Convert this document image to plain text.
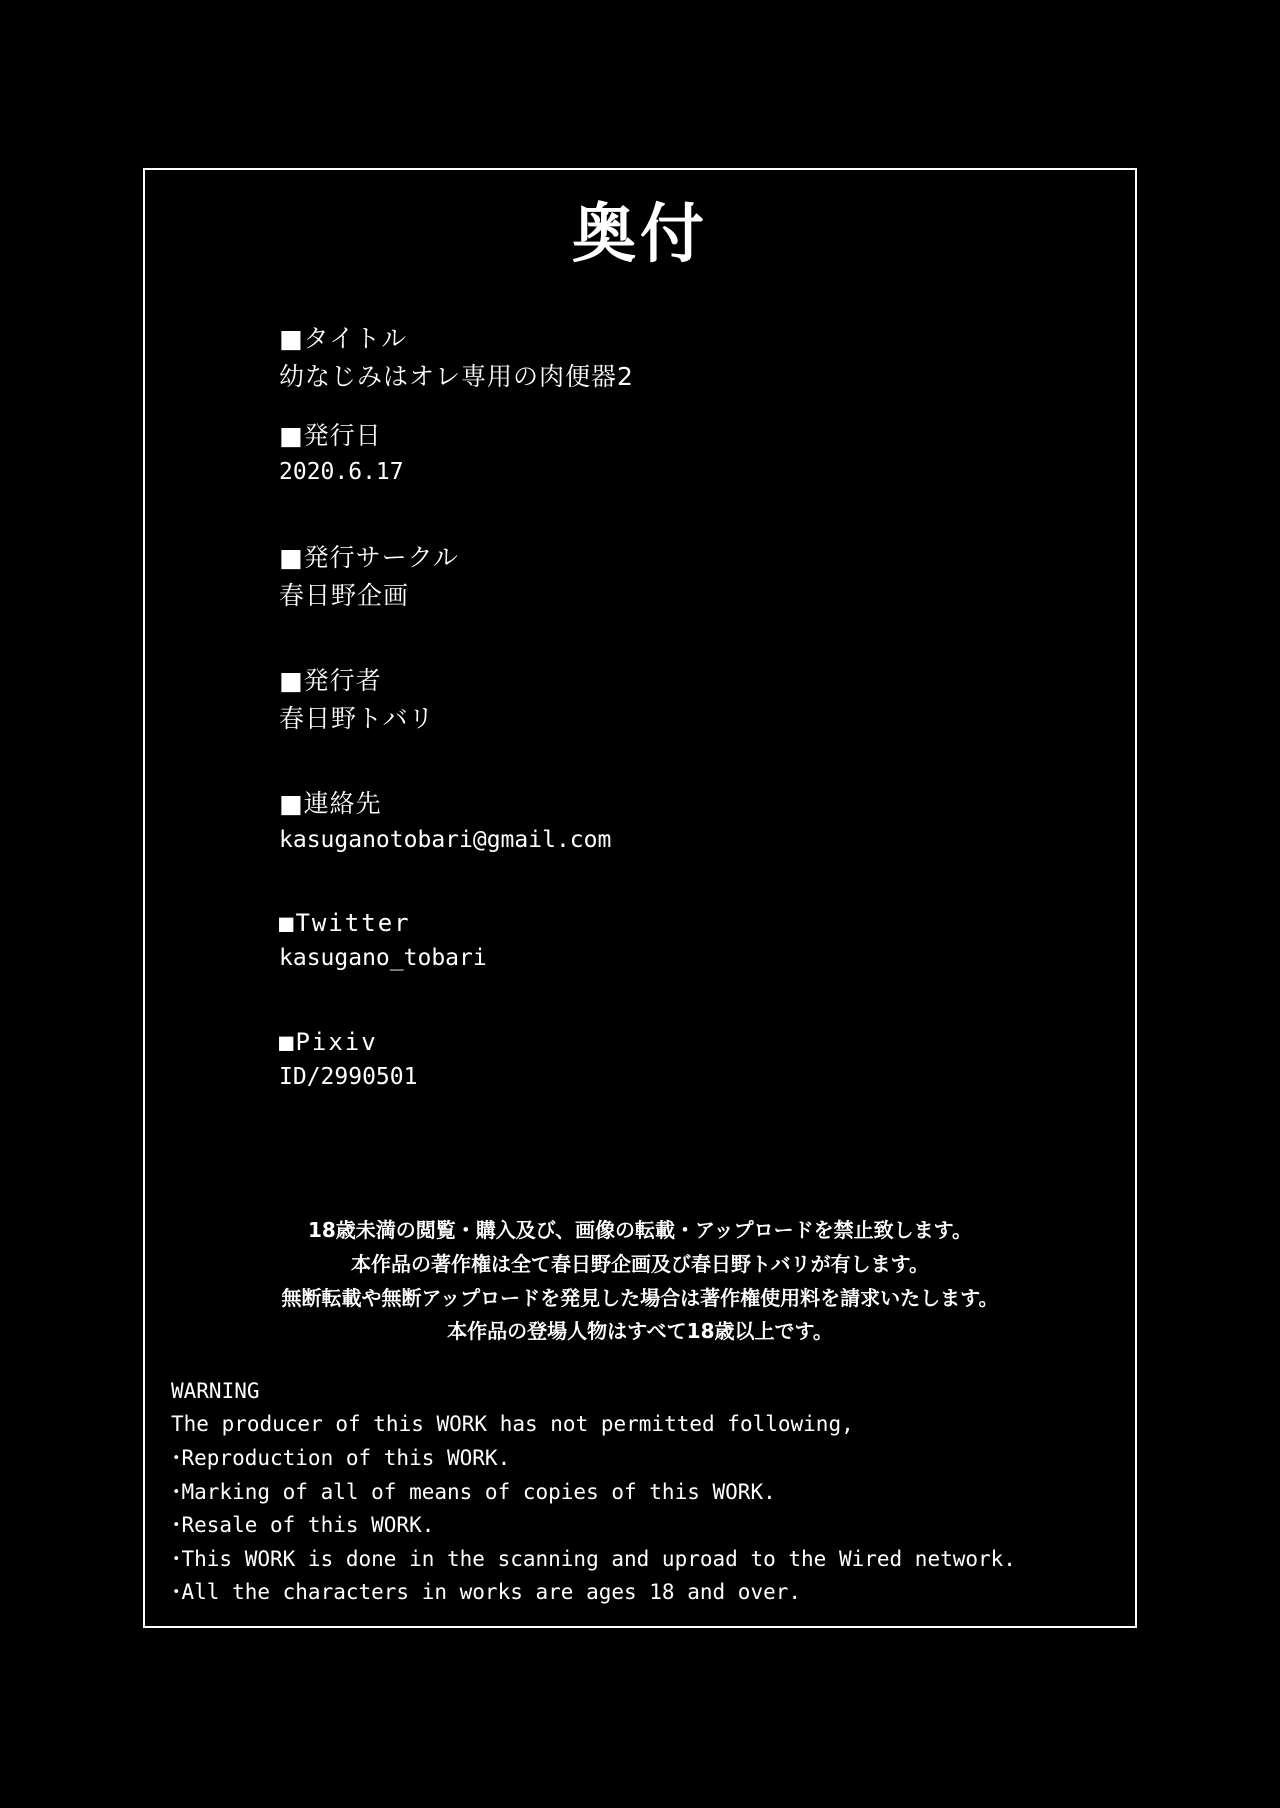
奥付
■タイトル
幼なじみはオレ専用の肉便器2
■発行日
2020.6.17
■発行サークル
春日野企画
■発行者
春日野トバリ
■連絡先
kasuganotobari@gmail.com
■Twitter
kasugano_tobari
■Pixiv
ID/2990501
18歳未満の閲覧・購入及び、画像の転載・アップロードを禁止致します。
本作品の著作権は全て春日野企画及び春日野トバリが有します。
無断転載や無断アップロードを発見した場合は著作権使用料を請求いたします。
本作品の登場人物はすべて18歳以上です。
WARNING
The producer of this WORK has not permitted following,
･Reproduction of this WORK.
･Marking of all of means of copies of this WORK.
･Resale of this WORK.
･This WORK is done in the scanning and uproad to the Wired network.
･All the characters in works are ages 18 and over.
